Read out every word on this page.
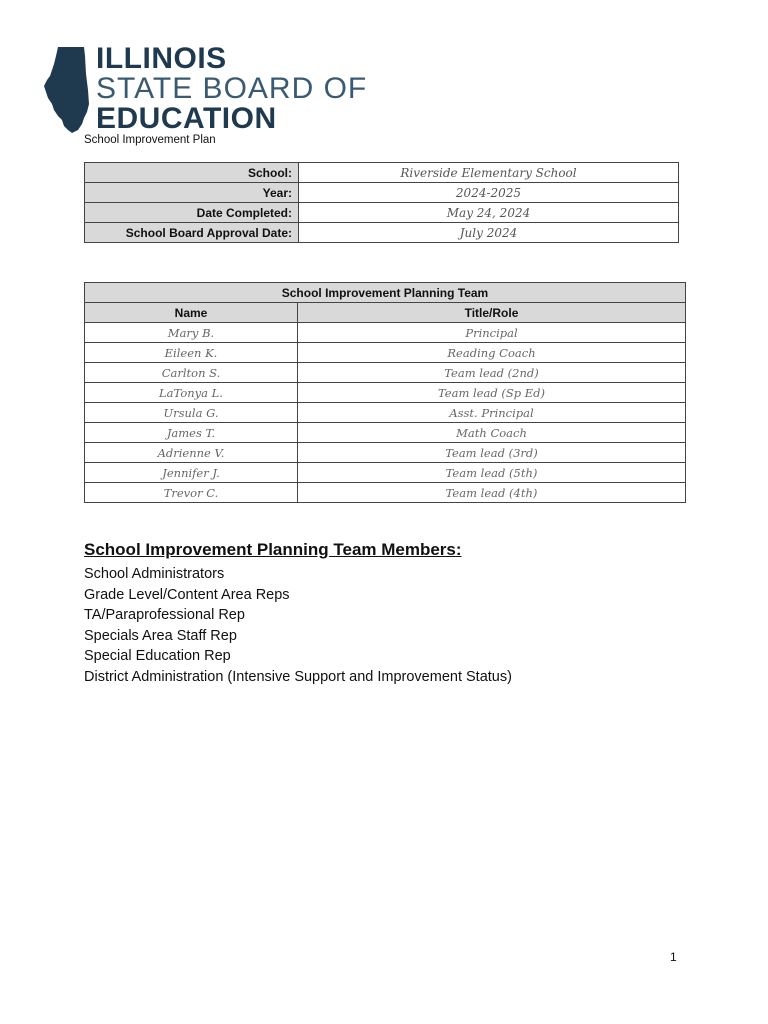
ILLINOIS
STATE BOARD OF
EDUCATION
School Improvement Plan
School:	Riverside Elementary School
Year:	2024-2025
Date Completed:	May 24, 2024
School Board Approval Date:	July 2024
School Improvement Planning Team	
Name	Title/Role
Mary B.	Principal
Eileen K.	Reading Coach
Carlton S.	Team lead (2nd)
LaTonya L.	Team lead (Sp Ed)
Ursula G.	Asst. Principal
James T.	Math Coach
Adrienne V.	Team lead (3rd)
Jennifer J.	Team lead (5th)
Trevor C.	Team lead (4th)
School Improvement Planning Team Members:
School Administrators
Grade Level/Content Area Reps
TA/Paraprofessional Rep
Specials Area Staff Rep
Special Education Rep
District Administration (Intensive Support and Improvement Status)
1
